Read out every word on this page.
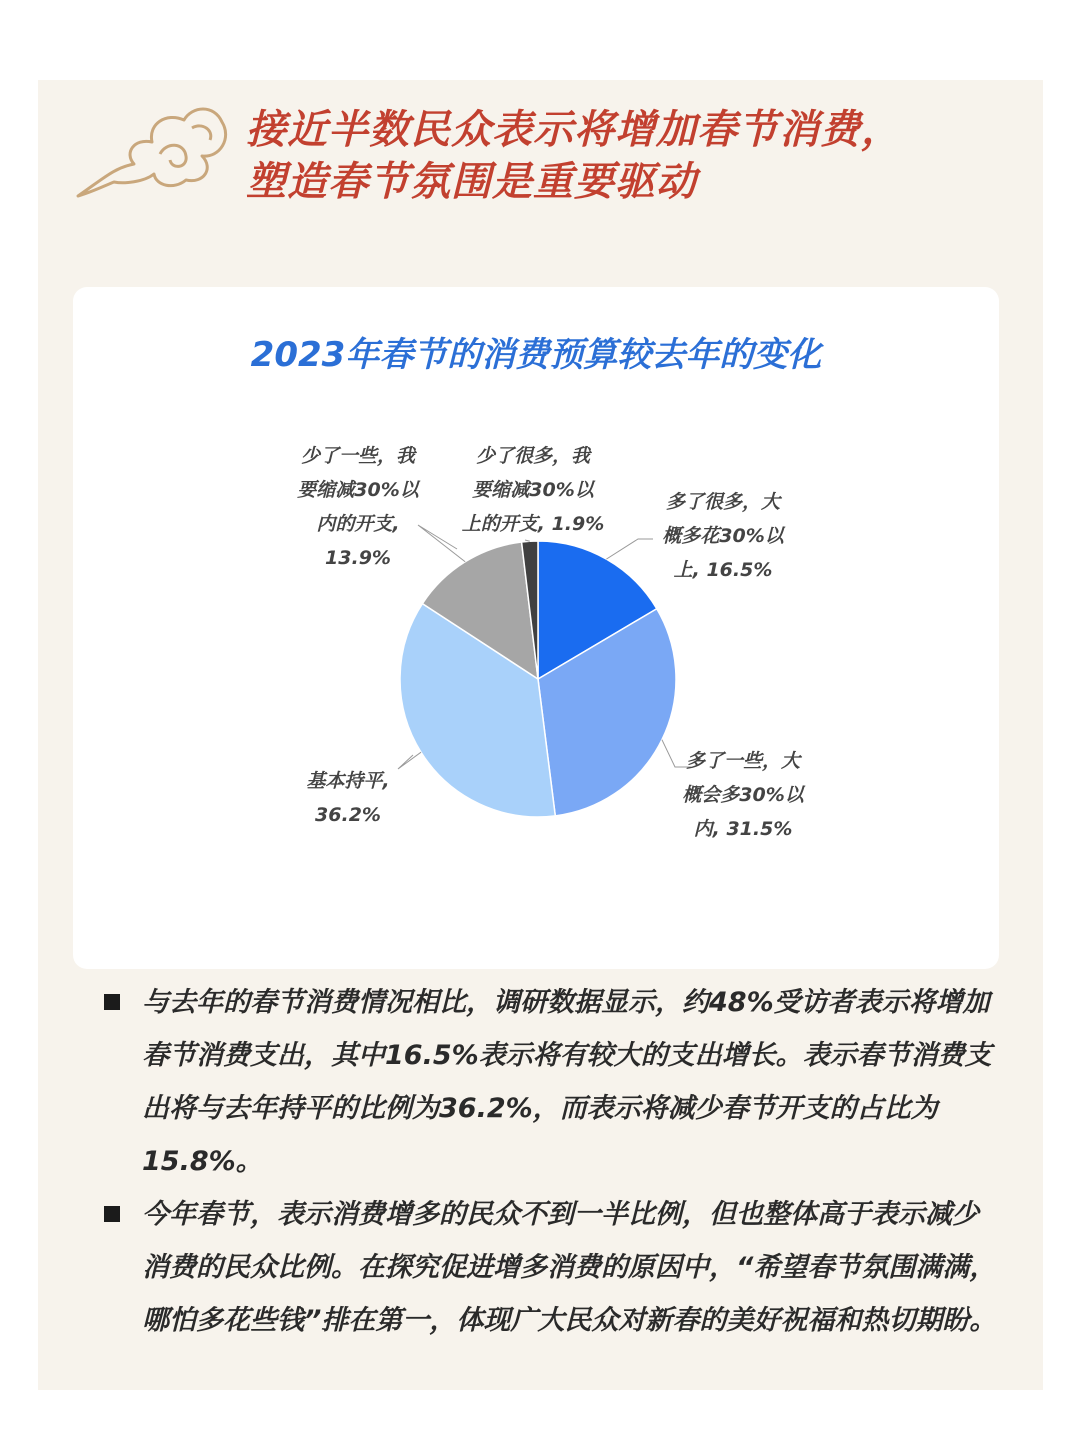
接近半数民众表示将增加春节消费，
塑造春节氛围是重要驱动
2023年春节的消费预算较去年的变化
多了很多，大
概多花30%以
上, 16.5%
多了一些，大
概会多30%以
内, 31.5%
基本持平,
36.2%
少了一些，我
要缩减30%以
内的开支,
13.9%
少了很多，我
要缩减30%以
上的开支, 1.9%
与去年的春节消费情况相比，调研数据显示，约48%受访者表示将增加春节消费支出，其中16.5%表示将有较大的支出增长。表示春节消费支出将与去年持平的比例为36.2%，而表示将减少春节开支的占比为15.8%。
今年春节，表示消费增多的民众不到一半比例，但也整体高于表示减少消费的民众比例。在探究促进增多消费的原因中，“希望春节氛围满满，哪怕多花些钱”排在第一，体现广大民众对新春的美好祝福和热切期盼。
